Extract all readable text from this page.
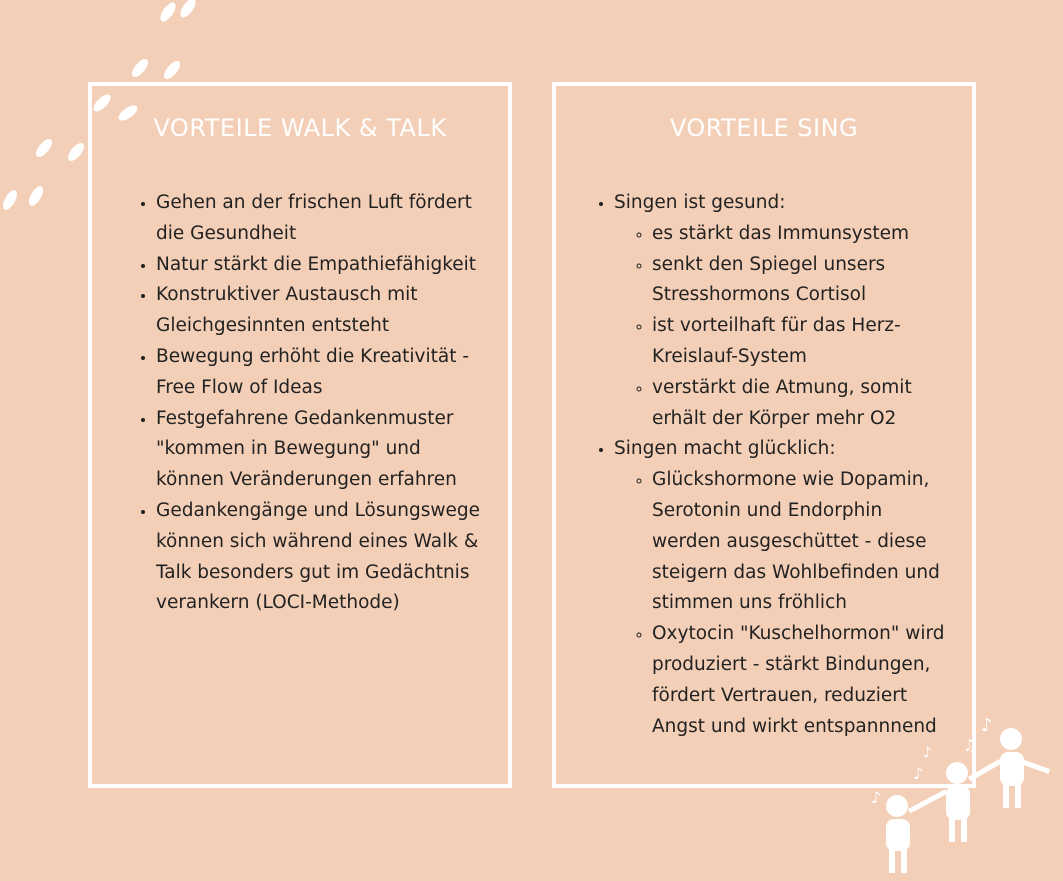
VORTEILE WALK & TALK
• Gehen an der frischen Luft fördert die Gesundheit
• Natur stärkt die Empathiefähigkeit
• Konstruktiver Austausch mit Gleichgesinnten entsteht
• Bewegung erhöht die Kreativität - Free Flow of Ideas
• Festgefahrene Gedankenmuster "kommen in Bewegung" und können Veränderungen erfahren
• Gedankengänge und Lösungswege können sich während eines Walk & Talk besonders gut im Gedächtnis verankern (LOCI-Methode)
VORTEILE SING
• Singen ist gesund:
◦ es stärkt das Immunsystem
◦ senkt den Spiegel unsers Stresshormons Cortisol
◦ ist vorteilhaft für das Herz-Kreislauf-System
◦ verstärkt die Atmung, somit erhält der Körper mehr O2
• Singen macht glücklich:
◦ Glückshormone wie Dopamin, Serotonin und Endorphin werden ausgeschüttet - diese steigern das Wohlbefinden und stimmen uns fröhlich
◦ Oxytocin "Kuschelhormon" wird produziert - stärkt Bindungen, fördert Vertrauen, reduziert Angst und wirkt entspannnend	♪
♫
♪
♪
♪
